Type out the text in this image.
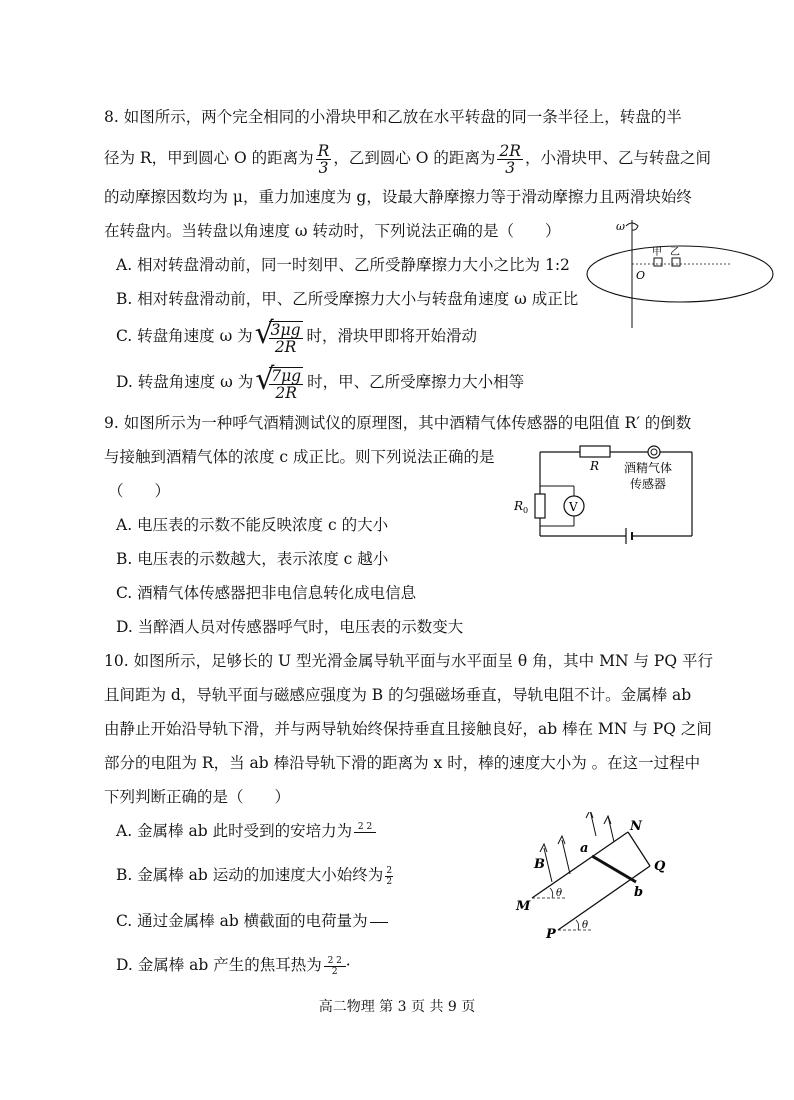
8. 如图所示，两个完全相同的小滑块甲和乙放在水平转盘的同一条半径上，转盘的半
径为 R，甲到圆心 O 的距离为 $\frac{R}{3}$ ，乙到圆心 O 的距离为 $\frac{2R}{3}$ ，小滑块甲、乙与转盘之间
的动摩擦因数均为 μ，重力加速度为 g，设最大静摩擦力等于滑动摩擦力且两滑块始终
在转盘内。当转盘以角速度 ω 转动时，下列说法正确的是（　　）
A. 相对转盘滑动前，同一时刻甲、乙所受静摩擦力大小之比为 1:2
B. 相对转盘滑动前，甲、乙所受摩擦力大小与转盘角速度 ω 成正比
C. 转盘角速度 ω 为 √
$\frac{3\mu g}{2R}$ 时，滑块甲即将开始滑动
D. 转盘角速度 ω 为 √
$\frac{7\mu g}{2R}$ 时，甲、乙所受摩擦力大小相等
ω
甲 乙
O
9. 如图所示为一种呼气酒精测试仪的原理图，其中酒精气体传感器的电阻值 R′ 的倒数
与接触到酒精气体的浓度 c 成正比。则下列说法正确的是
（　　）
A. 电压表的示数不能反映浓度 c 的大小
B. 电压表的示数越大，表示浓度 c 越小
C. 酒精气体传感器把非电信息转化成电信息
D. 当醉酒人员对传感器呼气时，电压表的示数变大
V
R
$R_0$
酒精气体
传感器
10. 如图所示，足够长的 U 型光滑金属导轨平面与水平面呈 θ 角，其中 MN 与 PQ 平行
且间距为 d，导轨平面与磁感应强度为 B 的匀强磁场垂直，导轨电阻不计。金属棒 ab
由静止开始沿导轨下滑，并与两导轨始终保持垂直且接触良好，ab 棒在 MN 与 PQ 之间
部分的电阻为 R，当 ab 棒沿导轨下滑的距离为 x 时，棒的速度大小为 。在这一过程中
下列判断正确的是（　　）
A. 金属棒 ab 此时受到的安培力为 2 2
B. 金属棒 ab 运动的加速度大小始终为 $\frac{2}{2}$
C. 通过金属棒 ab 横截面的电荷量为
D. 金属棒 ab 产生的焦耳热为 $\frac{2 2}{2}$ ·
B
a
N
Q
b
M
P
θ
θ
高二物理 第 3 页 共 9 页
